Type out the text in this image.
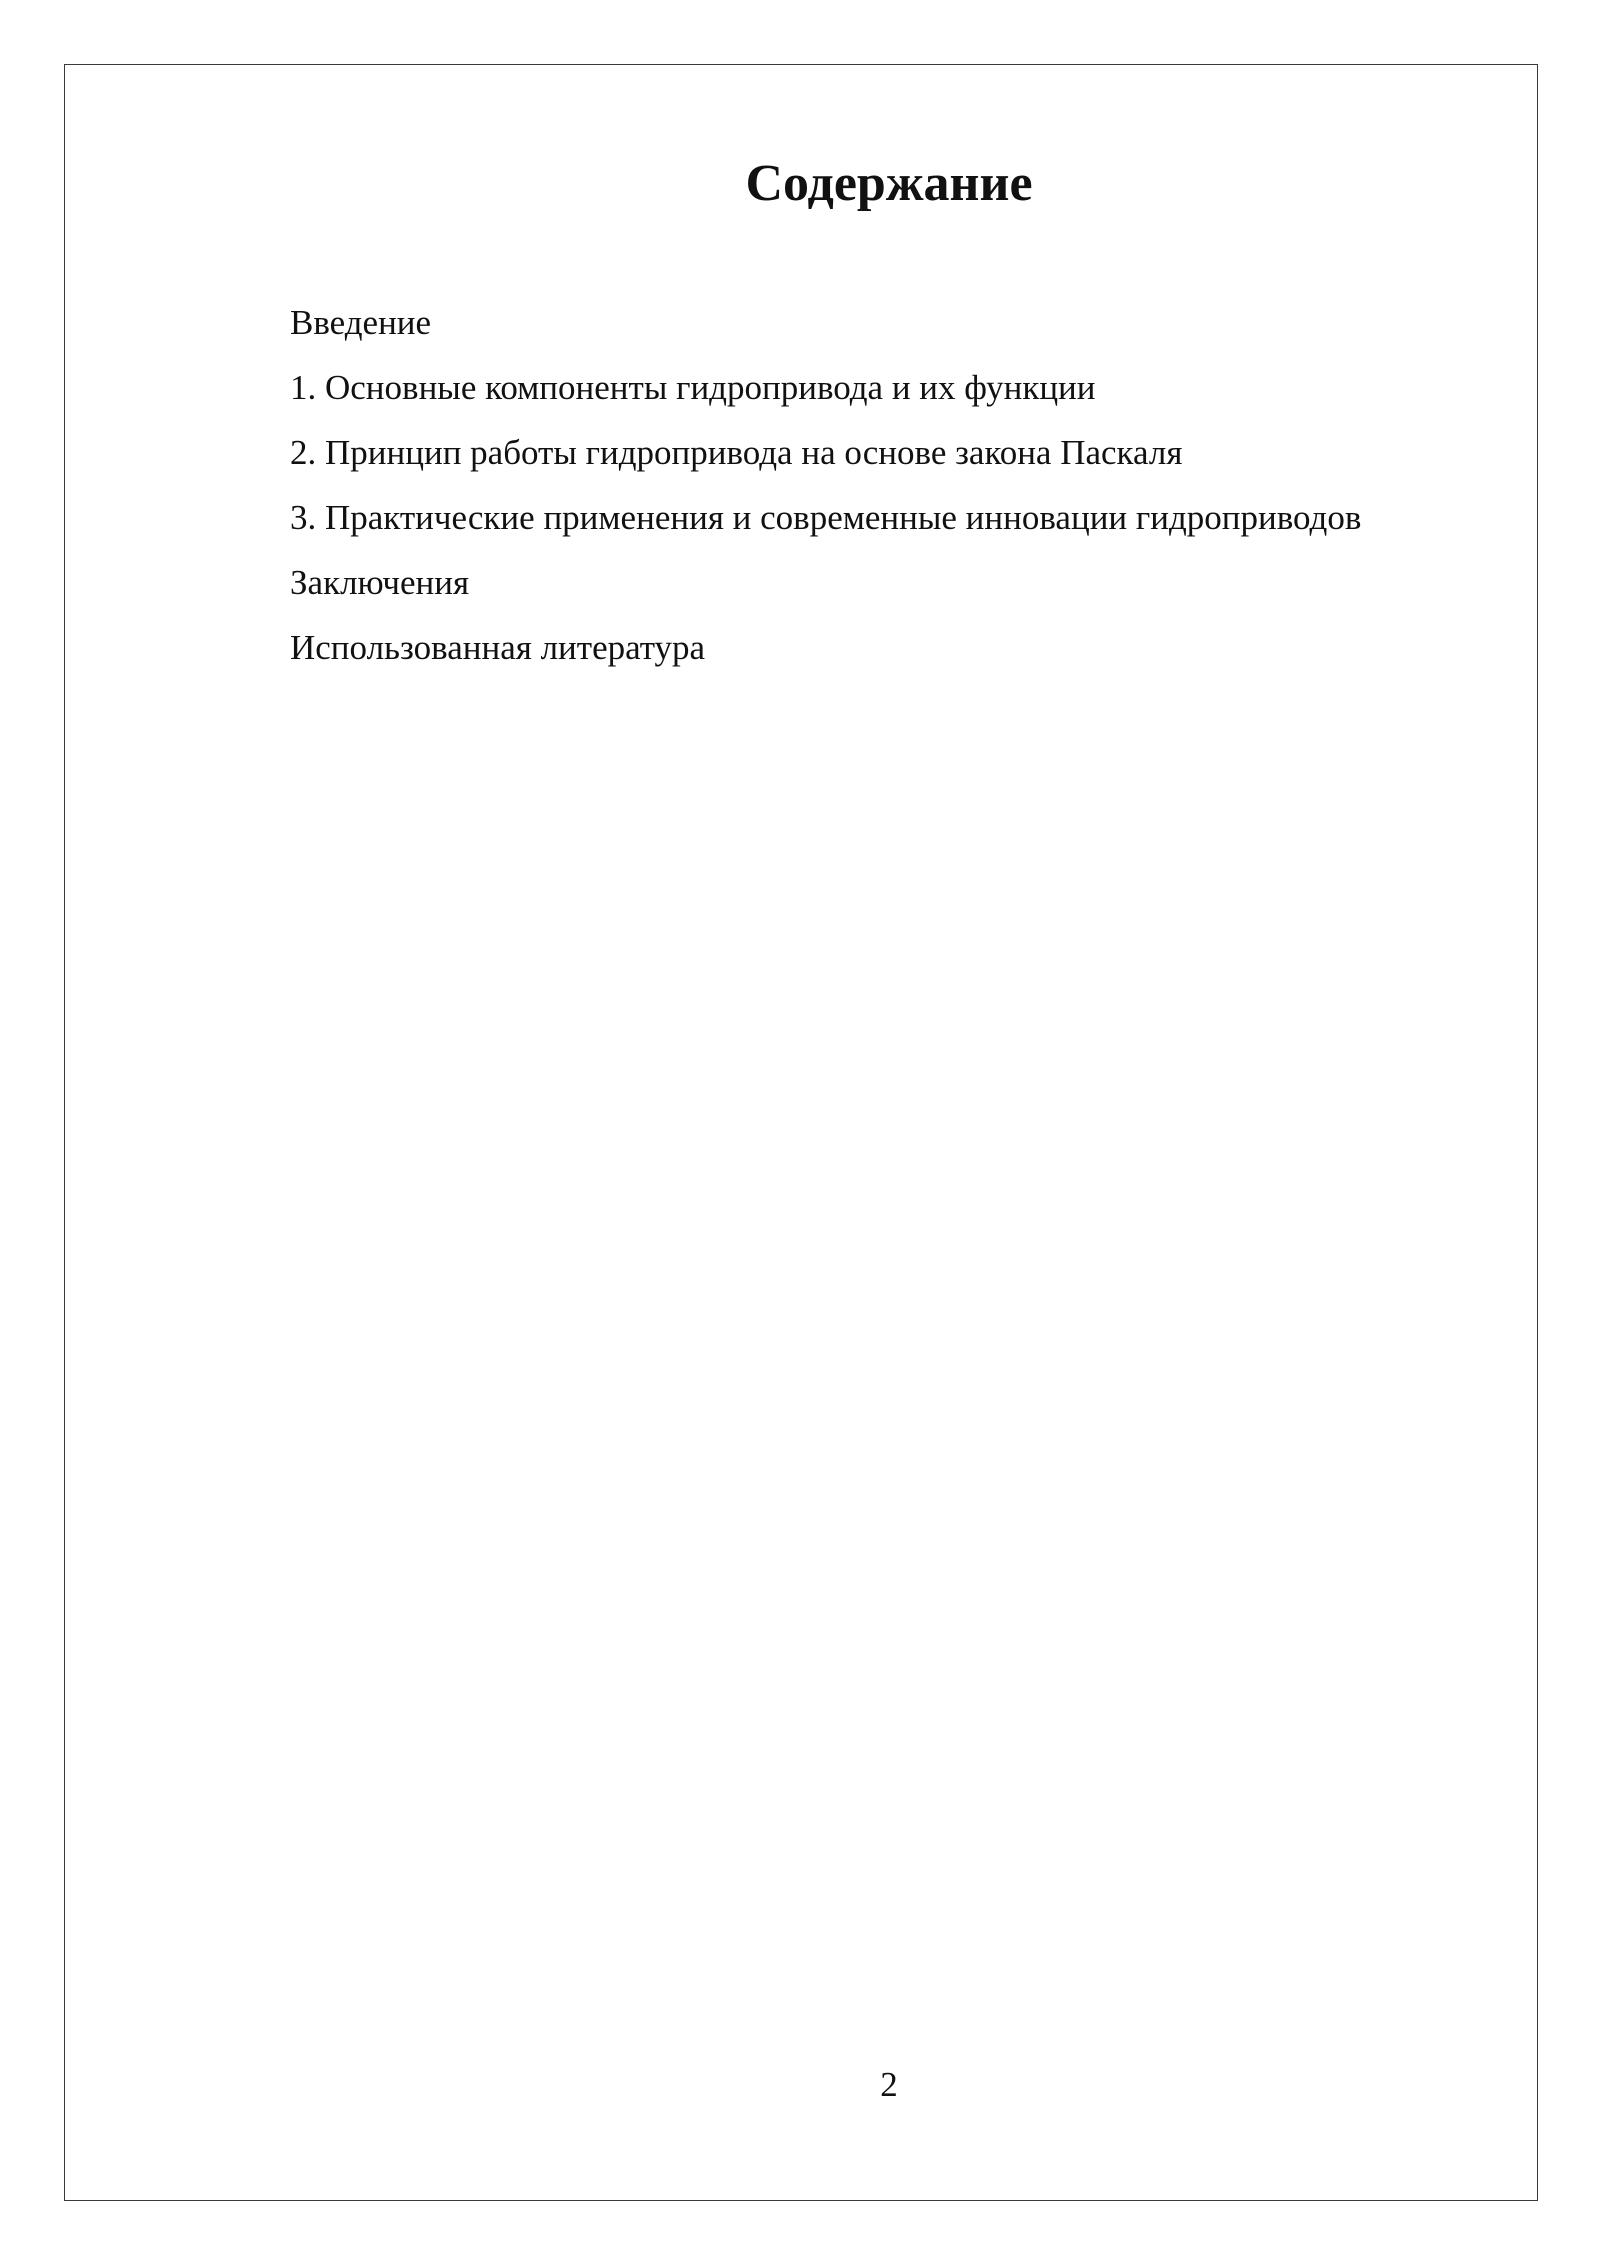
Содержание
Введение
1. Основные компоненты гидропривода и их функции
2. Принцип работы гидропривода на основе закона Паскаля
3. Практические применения и современные инновации гидроприводов
Заключения
Использованная литература
2
